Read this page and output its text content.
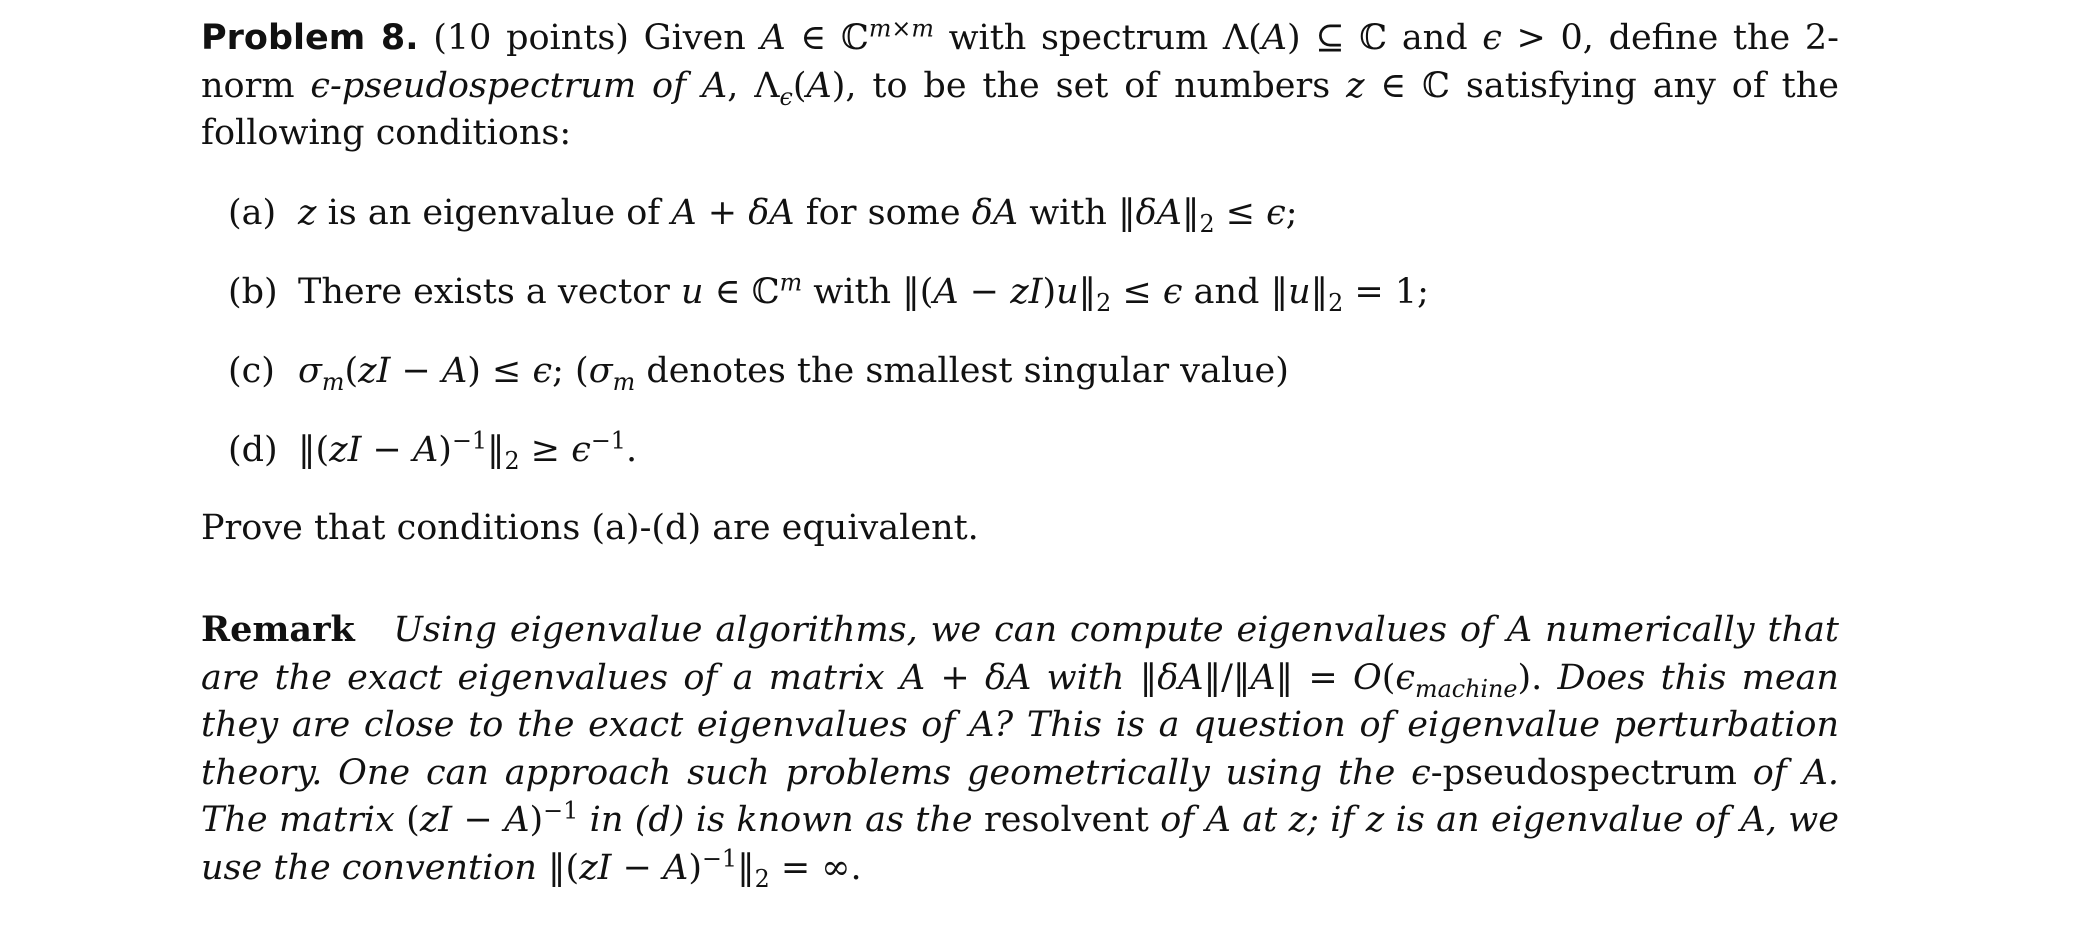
Problem 8. (10 points) Given A ∈ ℂ$^{m\times m}$ with spectrum Λ(A) ⊆ ℂ and ϵ > 0, define the 2-norm ϵ-pseudospectrum of A, $\Lambda_\epsilon(A)$, to be the set of numbers z ∈ ℂ satisfying any of the following conditions:
(a) z is an eigenvalue of A + δA for some δA with $‖\delta A‖_2 \le \epsilon$;
(b) There exists a vector u ∈ ℂ$^m$ with ‖(A − $zI)u‖_2 \le \epsilon$ and $‖u‖_2 = 1$;
(c) $\sigma_m(zI - A) \le \epsilon$; ($\sigma_m$ denotes the smallest singular value)
(d) ‖(zI − $A)^{-1}‖_2 \ge \epsilon^{-1}$.
Prove that conditions (a)-(d) are equivalent.
Remark Using eigenvalue algorithms, we can compute eigenvalues of A numerically that are the exact eigenvalues of a matrix A + δA with ‖δA‖/‖A‖ = $O(\epsilon_{machine})$. Does this mean they are close to the exact eigenvalues of A? This is a question of eigenvalue perturbation theory. One can approach such problems geometrically using the ϵ-pseudospectrum of A. The matrix (zI − A)$^{-1}$ in (d) is known as the resolvent of A at z; if z is an eigenvalue of A, we use the convention ‖(zI − $A)^{-1}‖_2$ = ∞.
